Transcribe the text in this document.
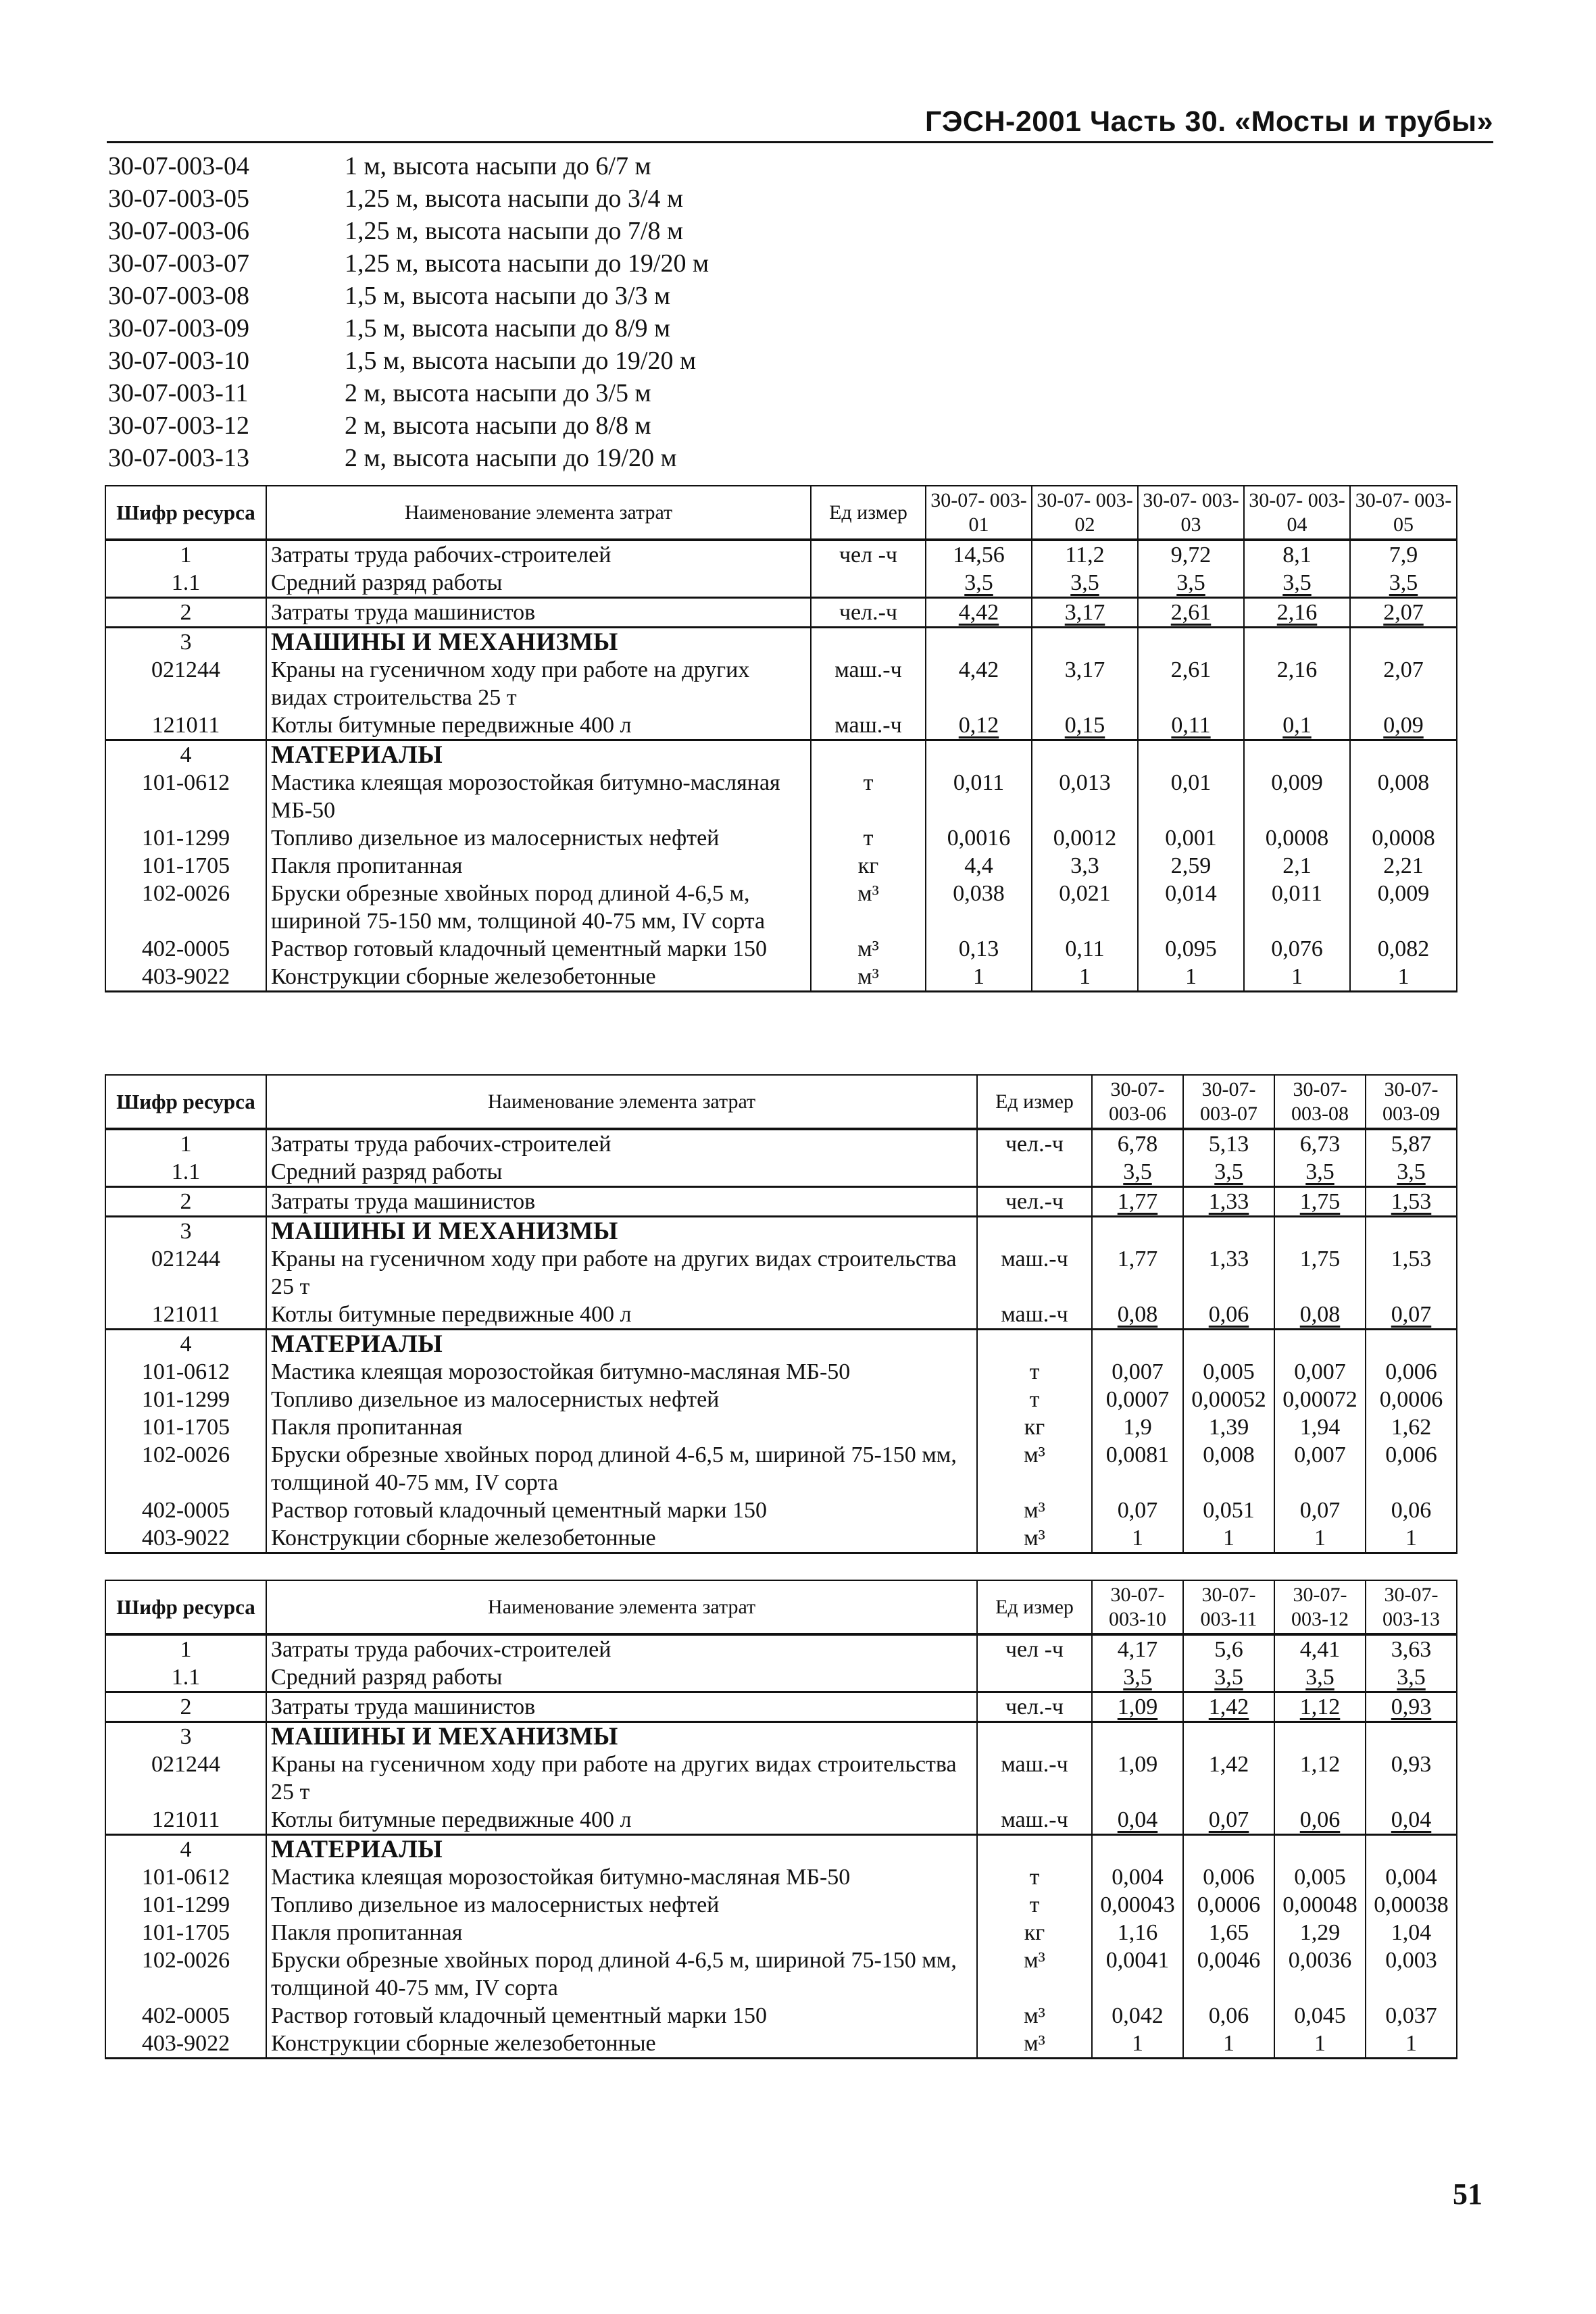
ГЭСН-2001 Часть 30. «Мосты и трубы»
30-07-003-04	1 м, высота насыпи до 6/7 м
30-07-003-05	1,25 м, высота насыпи до 3/4 м
30-07-003-06	1,25 м, высота насыпи до 7/8 м
30-07-003-07	1,25 м, высота насыпи до 19/20 м
30-07-003-08	1,5 м, высота насыпи до 3/3 м
30-07-003-09	1,5 м, высота насыпи до 8/9 м
30-07-003-10	1,5 м, высота насыпи до 19/20 м
30-07-003-11	2 м, высота насыпи до 3/5 м
30-07-003-12	2 м, высота насыпи до 8/8 м
30-07-003-13	2 м, высота насыпи до 19/20 м
Шифр ресурса	Наименование элемента затрат	Ед измер	30-07- 003-01	30-07- 003-02	30-07- 003-03	30-07- 003-04	30-07- 003-05
1	Затраты труда рабочих-строителей	чел -ч	14,56	11,2	9,72	8,1	7,9
1.1	Средний разряд работы		3,5	3,5	3,5	3,5	3,5
2	Затраты труда машинистов	чел.-ч	4,42	3,17	2,61	2,16	2,07
3	МАШИНЫ И МЕХАНИЗМЫ						
021244	Краны на гусеничном ходу при работе на других видах строительства 25 т	маш.-ч	4,42	3,17	2,61	2,16	2,07
121011	Котлы битумные передвижные 400 л	маш.-ч	0,12	0,15	0,11	0,1	0,09
4	МАТЕРИАЛЫ						
101-0612	Мастика клеящая морозостойкая битумно-масляная МБ-50	т	0,011	0,013	0,01	0,009	0,008
101-1299	Топливо дизельное из малосернистых нефтей	т	0,0016	0,0012	0,001	0,0008	0,0008
101-1705	Пакля пропитанная	кг	4,4	3,3	2,59	2,1	2,21
102-0026	Бруски обрезные хвойных пород длиной 4-6,5 м, шириной 75-150 мм, толщиной 40-75 мм, IV сорта	м³	0,038	0,021	0,014	0,011	0,009
402-0005	Раствор готовый кладочный цементный марки 150	м³	0,13	0,11	0,095	0,076	0,082
403-9022	Конструкции сборные железобетонные	м³	1	1	1	1	1
Шифр ресурса	Наименование элемента затрат	Ед измер	30-07- 003-06	30-07- 003-07	30-07- 003-08	30-07- 003-09
1	Затраты труда рабочих-строителей	чел.-ч	6,78	5,13	6,73	5,87
1.1	Средний разряд работы		3,5	3,5	3,5	3,5
2	Затраты труда машинистов	чел.-ч	1,77	1,33	1,75	1,53
3	МАШИНЫ И МЕХАНИЗМЫ					
021244	Краны на гусеничном ходу при работе на других видах строительства 25 т	маш.-ч	1,77	1,33	1,75	1,53
121011	Котлы битумные передвижные 400 л	маш.-ч	0,08	0,06	0,08	0,07
4	МАТЕРИАЛЫ					
101-0612	Мастика клеящая морозостойкая битумно-масляная МБ-50	т	0,007	0,005	0,007	0,006
101-1299	Топливо дизельное из малосернистых нефтей	т	0,0007	0,00052	0,00072	0,0006
101-1705	Пакля пропитанная	кг	1,9	1,39	1,94	1,62
102-0026	Бруски обрезные хвойных пород длиной 4-6,5 м, шириной 75-150 мм, толщиной 40-75 мм, IV сорта	м³	0,0081	0,008	0,007	0,006
402-0005	Раствор готовый кладочный цементный марки 150	м³	0,07	0,051	0,07	0,06
403-9022	Конструкции сборные железобетонные	м³	1	1	1	1
Шифр ресурса	Наименование элемента затрат	Ед измер	30-07- 003-10	30-07- 003-11	30-07- 003-12	30-07- 003-13
1	Затраты труда рабочих-строителей	чел -ч	4,17	5,6	4,41	3,63
1.1	Средний разряд работы		3,5	3,5	3,5	3,5
2	Затраты труда машинистов	чел.-ч	1,09	1,42	1,12	0,93
3	МАШИНЫ И МЕХАНИЗМЫ					
021244	Краны на гусеничном ходу при работе на других видах строительства 25 т	маш.-ч	1,09	1,42	1,12	0,93
121011	Котлы битумные передвижные 400 л	маш.-ч	0,04	0,07	0,06	0,04
4	МАТЕРИАЛЫ					
101-0612	Мастика клеящая морозостойкая битумно-масляная МБ-50	т	0,004	0,006	0,005	0,004
101-1299	Топливо дизельное из малосернистых нефтей	т	0,00043	0,0006	0,00048	0,00038
101-1705	Пакля пропитанная	кг	1,16	1,65	1,29	1,04
102-0026	Бруски обрезные хвойных пород длиной 4-6,5 м, шириной 75-150 мм, толщиной 40-75 мм, IV сорта	м³	0,0041	0,0046	0,0036	0,003
402-0005	Раствор готовый кладочный цементный марки 150	м³	0,042	0,06	0,045	0,037
403-9022	Конструкции сборные железобетонные	м³	1	1	1	1
51
